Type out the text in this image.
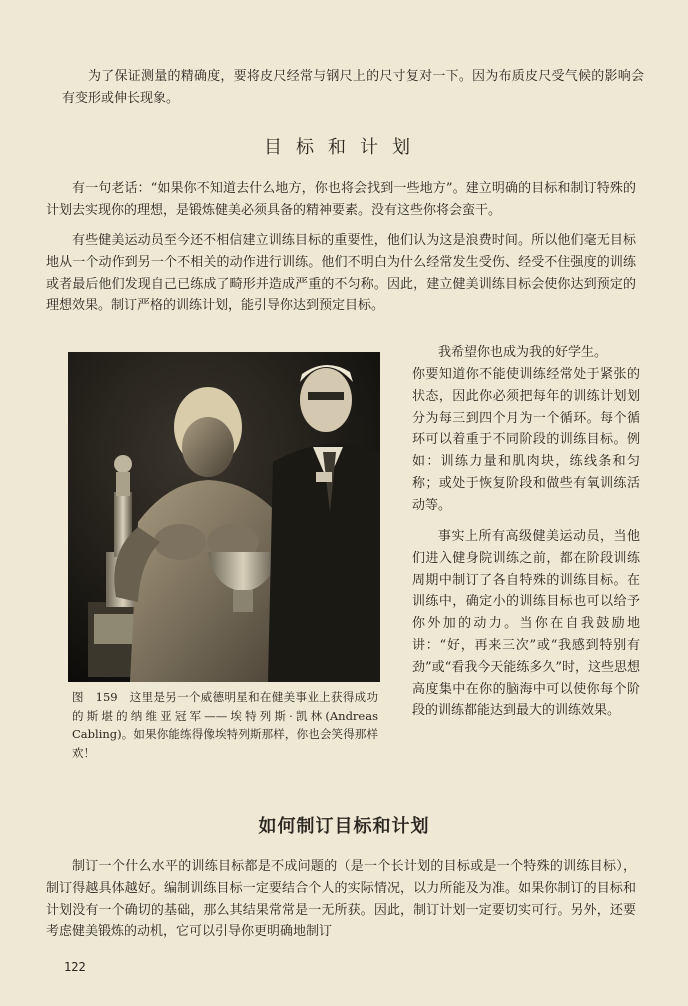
为了保证测量的精确度，要将皮尺经常与钢尺上的尺寸复对一下。因为布质皮尺受气候的影响会有变形或伸长现象。

目标和计划

有一句老话：“如果你不知道去什么地方，你也将会找到一些地方”。建立明确的目标和制订特殊的计划去实现你的理想，是锻炼健美必须具备的精神要素。没有这些你将会蛮干。

有些健美运动员至今还不相信建立训练目标的重要性，他们认为这是浪费时间。所以他们毫无目标地从一个动作到另一个不相关的动作进行训练。他们不明白为什么经常发生受伤、经受不住强度的训练或者最后他们发现自己已练成了畸形并造成严重的不匀称。因此，建立健美训练目标会使你达到预定的理想效果。制订严格的训练计划，能引导你达到预定目标。

图　159　这里是另一个威德明星和在健美事业上获得成功的斯堪的纳维亚冠军——埃特列斯·凯林(Andreas Cabling)。如果你能练得像埃特列斯那样，你也会笑得那样欢！

我希望你也成为我的好学生。

你要知道你不能使训练经常处于紧张的状态，因此你必须把每年的训练计划划分为每三到四个月为一个循环。每个循环可以着重于不同阶段的训练目标。例如：训练力量和肌肉块，练线条和匀称；或处于恢复阶段和做些有氧训练活动等。

事实上所有高级健美运动员，当他们进入健身院训练之前，都在阶段训练周期中制订了各自特殊的训练目标。在训练中，确定小的训练目标也可以给予你外加的动力。当你在自我鼓励地讲：“好，再来三次”或“我感到特别有劲”或“看我今天能练多久”时，这些思想高度集中在你的脑海中可以使你每个阶段的训练都能达到最大的训练效果。

如何制订目标和计划

制订一个什么水平的训练目标都是不成问题的（是一个长计划的目标或是一个特殊的训练目标），制订得越具体越好。编制训练目标一定要结合个人的实际情况，以力所能及为准。如果你制订的目标和计划没有一个确切的基础，那么其结果常常是一无所获。因此，制订计划一定要切实可行。另外，还要考虑健美锻炼的动机，它可以引导你更明确地制订

122
